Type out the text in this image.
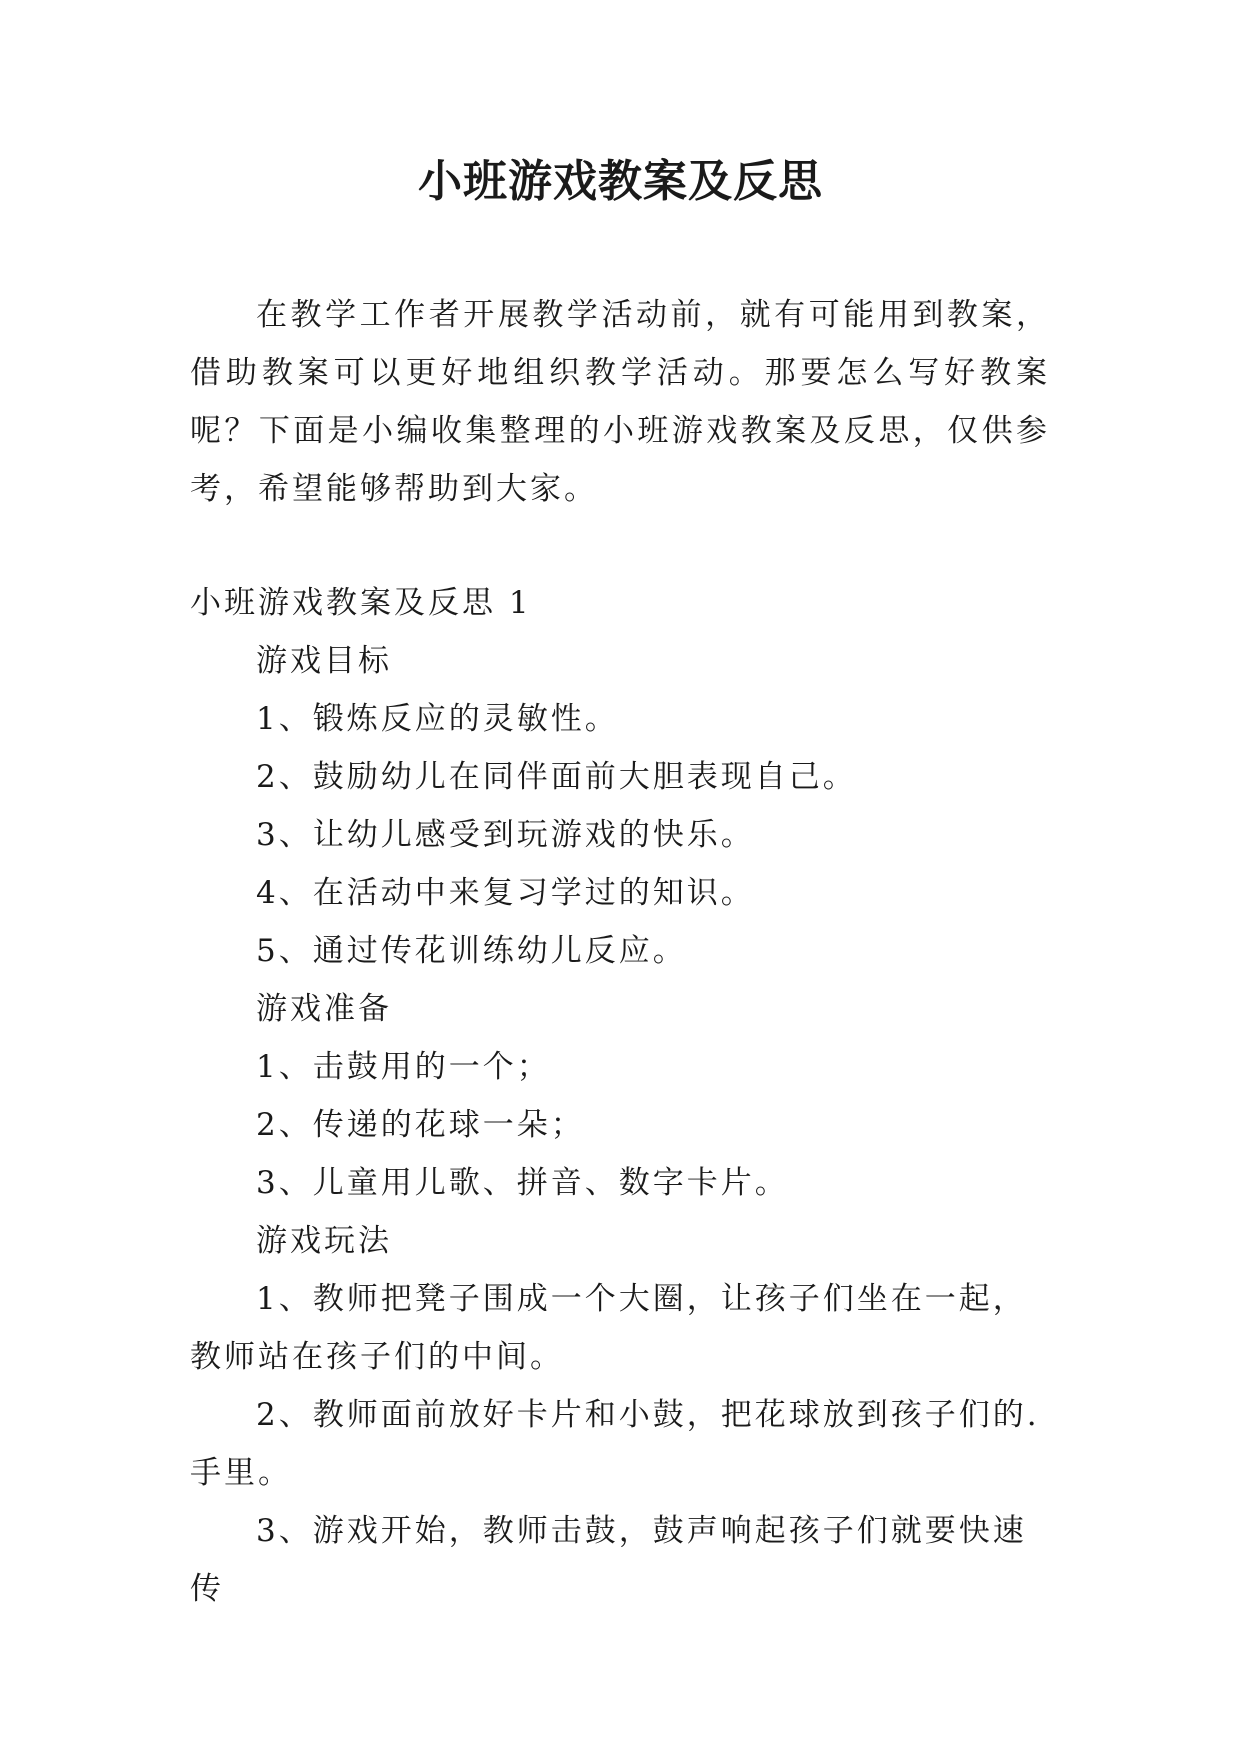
小班游戏教案及反思

在教学工作者开展教学活动前，就有可能用到教案，借助教案可以更好地组织教学活动。那要怎么写好教案呢？下面是小编收集整理的小班游戏教案及反思，仅供参考，希望能够帮助到大家。

小班游戏教案及反思 1

游戏目标

1、锻炼反应的灵敏性。

2、鼓励幼儿在同伴面前大胆表现自己。

3、让幼儿感受到玩游戏的快乐。

4、在活动中来复习学过的知识。

5、通过传花训练幼儿反应。

游戏准备

1、击鼓用的一个；

2、传递的花球一朵；

3、儿童用儿歌、拼音、数字卡片。

游戏玩法

1、教师把凳子围成一个大圈，让孩子们坐在一起，教师站在孩子们的中间。

2、教师面前放好卡片和小鼓，把花球放到孩子们的.手里。

3、游戏开始，教师击鼓，鼓声响起孩子们就要快速传
